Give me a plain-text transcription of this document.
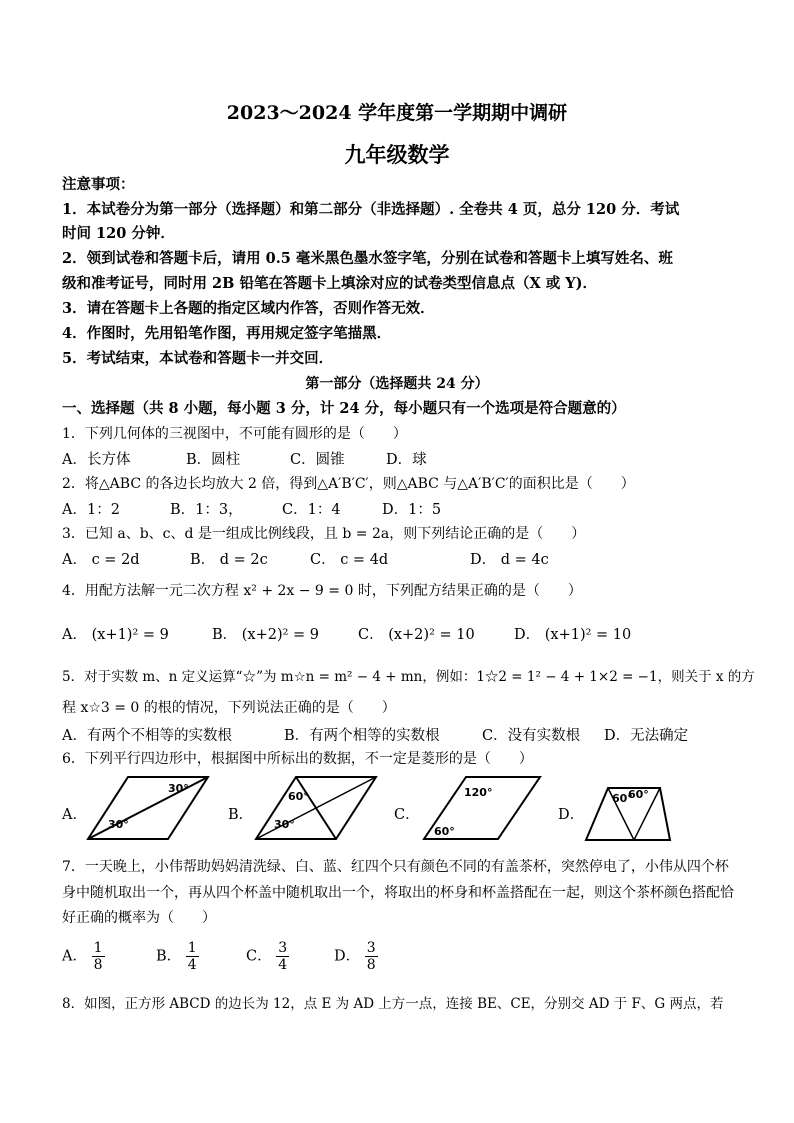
2023～2024 学年度第一学期期中调研
九年级数学
注意事项：
1．本试卷分为第一部分（选择题）和第二部分（非选择题）. 全卷共 4 页，总分 120 分．考试
时间 120 分钟．
2．领到试卷和答题卡后，请用 0.5 毫米黑色墨水签字笔，分别在试卷和答题卡上填写姓名、班
级和准考证号，同时用 2B 铅笔在答题卡上填涂对应的试卷类型信息点（X 或 Y)．
3．请在答题卡上各题的指定区域内作答，否则作答无效．
4．作图时，先用铅笔作图，再用规定签字笔描黑．
5．考试结束，本试卷和答题卡一并交回．
第一部分（选择题共 24 分）
一、选择题（共 8 小题，每小题 3 分，计 24 分，每小题只有一个选项是符合题意的）
1．下列几何体的三视图中，不可能有圆形的是（　　）
A．长方体	B．圆柱	C．圆锥	D．球
2．将△ABC 的各边长均放大 2 倍，得到△A′B′C′，则△ABC 与△A′B′C′的面积比是（　　）
A．1：2	B．1：3，	C．1：4	D．1：5
3．已知 a、b、c、d 是一组成比例线段，且 b = 2a，则下列结论正确的是（　　）
A． c = 2d	B． d = 2c	C． c = 4d	D． d = 4c
4．用配方法解一元二次方程 x² + 2x − 9 = 0 时，下列配方结果正确的是（　　）
A． (x+1)² = 9	B． (x+2)² = 9	C． (x+2)² = 10	D． (x+1)² = 10
5．对于实数 m、n 定义运算“☆”为 m☆n = m² − 4 + mn，例如：1☆2 = 1² − 4 + 1×2 = −1，则关于 x 的方
程 x☆3 = 0 的根的情况，下列说法正确的是（　　）
A．有两个不相等的实数根	B．有两个相等的实数根	C．没有实数根 D．无法确定
6．下列平行四边形中，根据图中所标出的数据，不一定是菱形的是（　　）
A．	B．	C．	D．
30°
30°
60°
30°
120°
60°
60°
60°
7．一天晚上，小伟帮助妈妈清洗绿、白、蓝、红四个只有颜色不同的有盖茶杯，突然停电了，小伟从四个杯
身中随机取出一个，再从四个杯盖中随机取出一个，将取出的杯身和杯盖搭配在一起，则这个茶杯颜色搭配恰
好正确的概率为（　　）
A． $\frac{1}{8}$	B． $\frac{1}{4}$	C． $\frac{3}{4}$	D． $\frac{3}{8}$
8．如图，正方形 ABCD 的边长为 12，点 E 为 AD 上方一点，连接 BE、CE，分别交 AD 于 F、G 两点，若
